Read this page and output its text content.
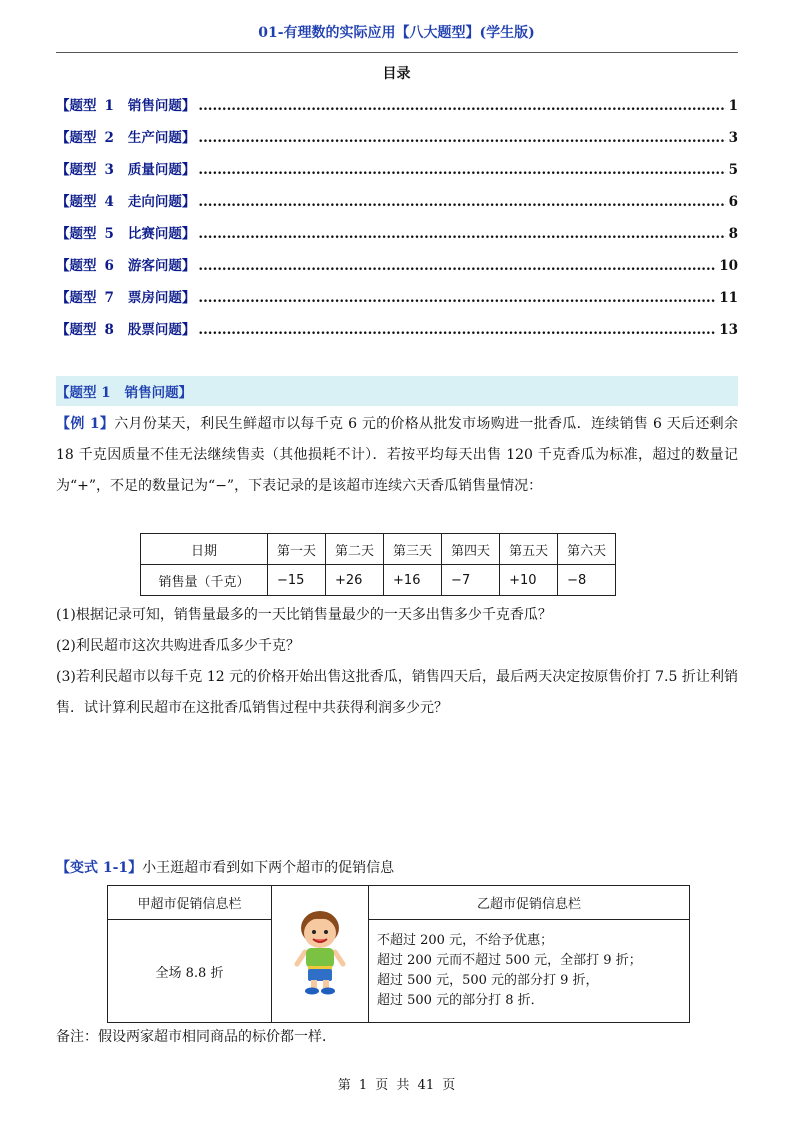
01-有理数的实际应用【八大题型】(学生版)
目录
【题型 1 销售问题】 .....	1
【题型 2 生产问题】 .....	3
【题型 3 质量问题】 .....	5
【题型 4 走向问题】 .....	6
【题型 5 比赛问题】 .....	8
【题型 6 游客问题】 .....	10
【题型 7 票房问题】 .....	11
【题型 8 股票问题】 .....	13
【题型 1 销售问题】
【例 1】六月份某天，利民生鲜超市以每千克 6 元的价格从批发市场购进一批香瓜．连续销售 6 天后还剩余 18 千克因质量不佳无法继续售卖（其他损耗不计）．若按平均每天出售 120 千克香瓜为标准，超过的数量记为“+”，不足的数量记为“−”，下表记录的是该超市连续六天香瓜销售量情况：
日期	第一天	第二天	第三天	第四天	第五天	第六天
销售量（千克）	−15	+26	+16	−7	+10	−8
(1)根据记录可知，销售量最多的一天比销售量最少的一天多出售多少千克香瓜？
(2)利民超市这次共购进香瓜多少千克？
(3)若利民超市以每千克 12 元的价格开始出售这批香瓜，销售四天后，最后两天决定按原售价打 7.5 折让利销售．试计算利民超市在这批香瓜销售过程中共获得利润多少元？
【变式 1-1】小王逛超市看到如下两个超市的促销信息
甲超市促销信息栏		乙超市促销信息栏
全场 8.8 折		不超过 200 元，不给予优惠；
超过 200 元而不超过 500 元，全部打 9 折；
超过 500 元，500 元的部分打 9 折，
超过 500 元的部分打 8 折．
备注：假设两家超市相同商品的标价都一样．
第 1 页 共 41 页
